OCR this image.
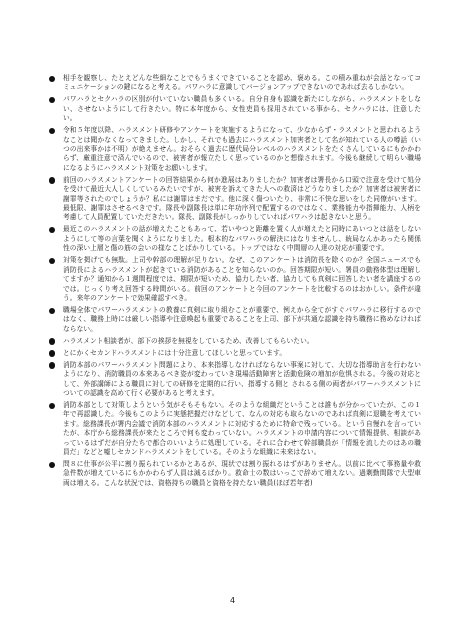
相手を観察し、たとえどんな些細なことでもうまくできていることを認め、褒める。この積み重ねが会話となってコミュニケーションの鍵になると考える。パワハラに意識してバージョンアップできないのであれば去るしかない。
パワハラとセクハラの区別が付いていない職員も多くいる。自分自身も認識を新たにしながら、ハラスメントをしない、させないようにして行きたい。特に本年度から、女性吏員も採用されている事から、セクハラには、注意したい。
令和５年度以降、ハラスメント研修やアンケートを実施するようになって、少なからず・ラスメントと思われるようなことは聞かなくなってきました。しかし、それでも過去にハラスメント加害者として名が知れている人の噂話（いつの出来事かは不明）が絶えません。おそらく過去に歴代局分レベルのハラスメントをたくさんしているにもかかわらず、厳重注意で済んでいるので、被害者が報立たしく思っているのかと想像されます。今後も継続して明らい職場になるようにハラスメント対策をお願いします。
前回のハラスメントアンケートの回答結果から何か進展はありましたか？加害者は署長から口頭で注意を受けて処分を受けて最近大人しくしているみたいですが、被害を訴えてきた人への救済はどうなりましたか？加害者は被害者に謝罪等されたのでしょうか？私には謝罪はまだです。他に深く傷ついたり、非常に不快な思いをした同僚がいます。最低限、謝罪はさせるべきです。隊長や副隊長は単に年功序列で配置するのではなく、業務能力や指揮能力、人柄を考慮して人員配置していただきたい。隊長、副隊長がしっかりしていればパワハラは起きないと思う。
最近このハラスメントの話が増えたこともあって、若いやつと距離を置く人が増えたと同時にあいつとは話をしないようにして等の言葉を聞くようになりました。根本的なパワハラの解決にはなりませんし、統局なんかあったら関係性の深い上層と傷の筋の会いの様なことばかりしている。トップではなく中間層の人達の対応が重要です。
対策を掲げても無駄。上司や幹部の理解が足りない。なぜ、このアンケートは消防長を除くのか？全国ニュースでも消防長によるハラスメントが起きている消防があることを知らないのか。回答期限が短い。署員の動務体型は理解してますか？通知から１週間程度では、期限が短いため、協力したい者、協力しても真剣に回答したい者を講座するのでは。じっくり考え回答する時間がいる。前回のアンケートと今回のアンケートを比較するのはおかしい。条件が違う。来年のアンケートで効果確認すべき。
職場全体でパワーハラスメントの教養に真剣に取り組むことが重要で、例えから全てがすぐパワハラに移行するのではなく、職務上時には厳しい指導や注意喚起も重要であることを上司、部下が共通な認識を持ち職務に務めなければならない。
ハラスメント相談者が、部下の挨拶を無視をしているため、改善してもらいたい。
とにかくセカンドハラスメントには十分注意してほしいと思っています。
消防本部のパワーハラスメント問題により、本来指導しなければならない事案に対して、大切な指導助言を行わないようになり、消防職員の本来あるべき姿が変わっていき現場活動障害と活動危険の増加が危惧される。今後の対応として、外部講師による職員に対しての研修を定期的に行い、指導する側と されるる側の両者がパワーハラスメントについての認識を高めて行く必要があると考えます。
消防本部として対策しようという気がそもそもない。そのような組織だということは誰もが分かっていたが、この１年で再認識した。今後もこのように実態把握だけなどして、なんの対応も取らないのであれば真剣に退職を考えています。総務課長が署内会議で消防本部のハラスメントに対応するために特命で残っている。という自慢れを言っていたが、本庁から総務課長が来たところで何も変わっていない。ハラスメントの申請内容について情報提供、相談があっているはずだが自分たちで都合のいいように処理している。それに合わせて幹部職員が「情報を流したのはあの職員だ」などと嘘しセカンドハラスメントをしている。そのような組織に未来はない。
問８に仕事が公平に割り振られているかとあるが、現状では割り振れるはずがありません。以前に比べて事務量や救急件数が増えているにもかかわらず人員は減るばかり。救命士の数はいっこで辞めて増えない。過剰勤間隊で大型車両は増える。こんな状況では、資格持ちの職員と資格を持たない職員(ほぼ若年者)
4
